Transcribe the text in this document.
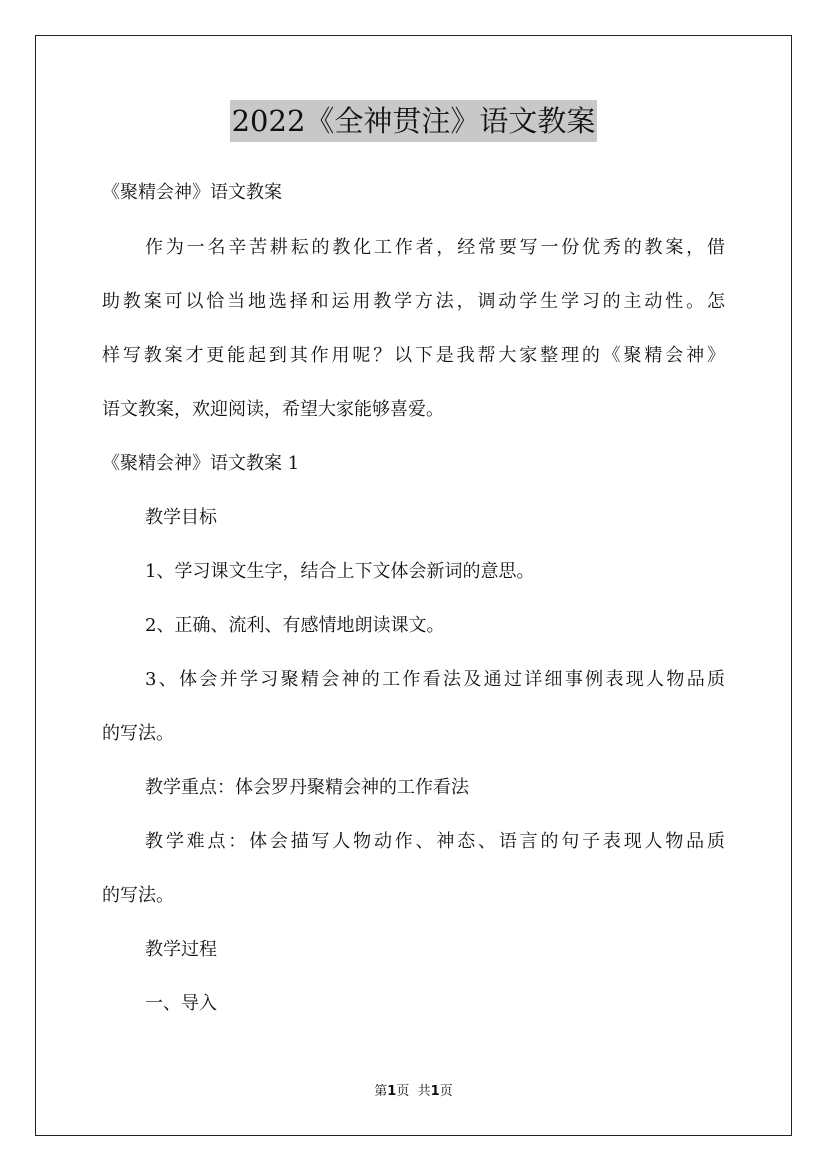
2022《全神贯注》语文教案

《聚精会神》语文教案

作为一名辛苦耕耘的教化工作者，经常要写一份优秀的教案，借

助教案可以恰当地选择和运用教学方法，调动学生学习的主动性。怎

样写教案才更能起到其作用呢？以下是我帮大家整理的《聚精会神》

语文教案，欢迎阅读，希望大家能够喜爱。

《聚精会神》语文教案 1

教学目标

1、学习课文生字，结合上下文体会新词的意思。

2、正确、流利、有感情地朗读课文。

3、体会并学习聚精会神的工作看法及通过详细事例表现人物品质

的写法。

教学重点：体会罗丹聚精会神的工作看法

教学难点：体会描写人物动作、神态、语言的句子表现人物品质

的写法。

教学过程

一、导入

第1页 共1页
